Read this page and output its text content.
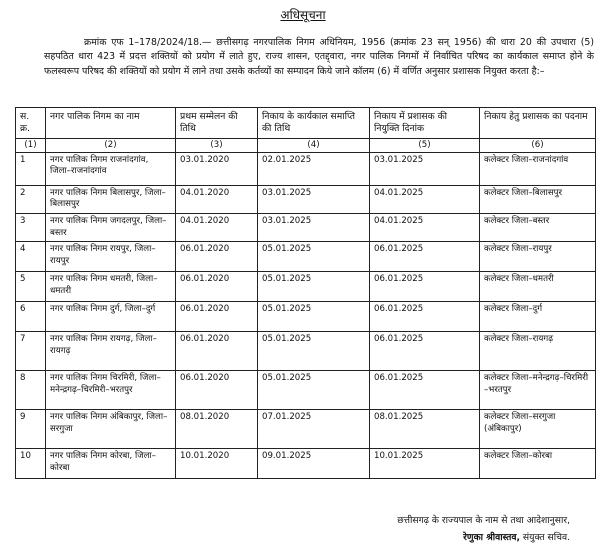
अधिसूचना

क्रमांक एफ 1–178/2024/18.— छत्तीसगढ़ नगरपालिक निगम अधिनियम, 1956 (क्रमांक 23 सन् 1956) की धारा 20 की उपधारा (5) सहपठित धारा 423 में प्रदत्त शक्तियों को प्रयोग में लाते हुए, राज्य शासन, एतद्द्वारा, नगर पालिक निगमों में निर्वाचित परिषद का कार्यकाल समाप्त होने के फलस्वरूप परिषद की शक्तियों को प्रयोग में लाने तथा उसके कर्तव्यों का सम्पादन किये जाने कॉलम (6) में वर्णित अनुसार प्रशासक नियुक्त करता है:–

स. क्र.	नगर पालिक निगम का नाम	प्रथम सम्मेलन की तिथि	निकाय के कार्यकाल समाप्ति की तिथि	निकाय में प्रशासक की नियुक्ति दिनांक	निकाय हेतु प्रशासक का पदनाम
(1)	(2)	(3)	(4)	(5)	(6)
1	नगर पालिक निगम राजनांदगांव, जिला–राजनांदगांव	03.01.2020	02.01.2025	03.01.2025	कलेक्टर जिला–राजनांदगांव
2	नगर पालिक निगम बिलासपुर, जिला–बिलासपुर	04.01.2020	03.01.2025	04.01.2025	कलेक्टर जिला–बिलासपुर
3	नगर पालिक निगम जगदलपुर, जिला–बस्तर	04.01.2020	03.01.2025	04.01.2025	कलेक्टर जिला–बस्तर
4	नगर पालिक निगम रायपुर, जिला–रायपुर	06.01.2020	05.01.2025	06.01.2025	कलेक्टर जिला–रायपुर
5	नगर पालिक निगम धमतरी, जिला–धमतरी	06.01.2020	05.01.2025	06.01.2025	कलेक्टर जिला–धमतरी
6	नगर पालिक निगम दुर्ग, जिला–दुर्ग	06.01.2020	05.01.2025	06.01.2025	कलेक्टर जिला–दुर्ग
7	नगर पालिक निगम रायगढ़, जिला–रायगढ़	06.01.2020	05.01.2025	06.01.2025	कलेक्टर जिला–रायगढ़
8	नगर पालिक निगम चिरमिरी, जिला–मनेन्द्रगढ़–चिरमिरी–भरतपुर	06.01.2020	05.01.2025	06.01.2025	कलेक्टर जिला–मनेन्द्रगढ़–चिरमिरी –भरतपुर
9	नगर पालिक निगम अंबिकापुर, जिला–सरगुजा	08.01.2020	07.01.2025	08.01.2025	कलेक्टर जिला–सरगुजा (अंबिकापुर)
10	नगर पालिक निगम कोरबा, जिला–कोरबा	10.01.2020	09.01.2025	10.01.2025	कलेक्टर जिला–कोरबा
छत्तीसगढ़ के राज्यपाल के नाम से तथा आदेशानुसार,
रेणुका श्रीवास्तव, संयुक्त सचिव.
